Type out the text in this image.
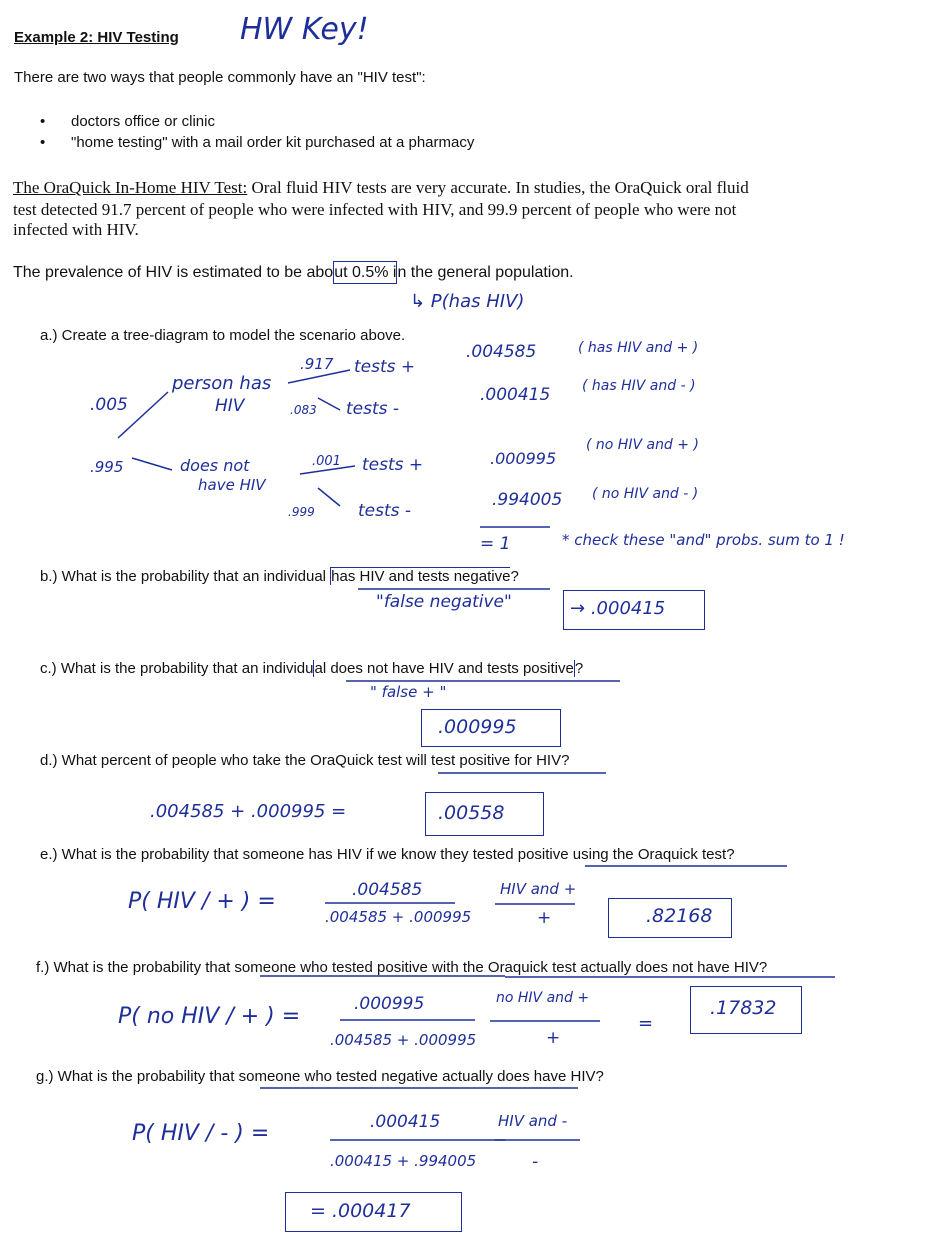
Example 2: HIV Testing HW Key!
There are two ways that people commonly have an "HIV test":
• doctors office or clinic
• "home testing" with a mail order kit purchased at a pharmacy
The OraQuick In-Home HIV Test: Oral fluid HIV tests are very accurate. In studies, the OraQuick oral fluid
test detected 91.7 percent of people who were infected with HIV, and 99.9 percent of people who were not
infected with HIV.
The prevalence of HIV is estimated to be about 0.5% in the general population.
↳ P(has HIV)
a.) Create a tree-diagram to model the scenario above.
.005
.995
person has
HIV
does not
have HIV
.917 tests +
.083 tests -
.001 tests +
.999	tests -
.004585	( has HIV and + )
.000415 ( has HIV and - )
.000995
( no HIV and + )
.994005 ( no HIV and - )
= 1	* check these "and" probs. sum to 1 !
b.) What is the probability that an individual has HIV and tests negative?
"false negative"	→ .000415
c.) What is the probability that an individual does not have HIV and tests positive?
" false + "
.000995
d.) What percent of people who take the OraQuick test will test positive for HIV?
.004585 + .000995 =	.00558
e.) What is the probability that someone has HIV if we know they tested positive using the Oraquick test?
P( HIV / + ) =	.004585
.004585 + .000995
HIV and +
+	.82168
f.) What is the probability that someone who tested positive with the Oraquick test actually does not have HIV?
P( no HIV / + ) =	.000995
.004585 + .000995
no HIV and +
+
=
.17832
g.) What is the probability that someone who tested negative actually does have HIV?
P( HIV / - ) =	.000415
.000415 + .994005
HIV and -
-
= .000417
